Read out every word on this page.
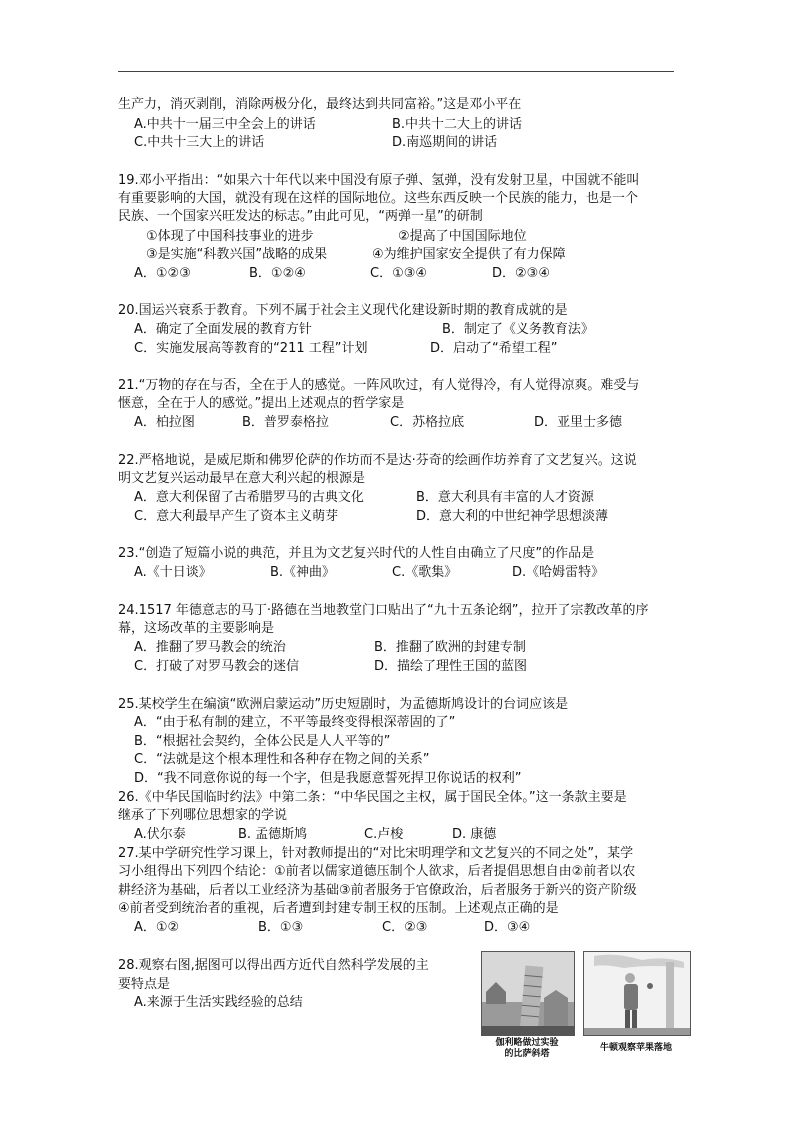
生产力，消灭剥削，消除两极分化，最终达到共同富裕。”这是邓小平在
A.中共十一届三中全会上的讲话	B.中共十二大上的讲话
C.中共十三大上的讲话	D.南巡期间的讲话
19.邓小平指出：“如果六十年代以来中国没有原子弹、氢弹，没有发射卫星，中国就不能叫
有重要影响的大国，就没有现在这样的国际地位。这些东西反映一个民族的能力，也是一个
民族、一个国家兴旺发达的标志。”由此可见，“两弹一星”的研制
①体现了中国科技事业的进步	②提高了中国国际地位
③是实施“科教兴国”战略的成果	④为维护国家安全提供了有力保障
A．①②③	B．①②④	C．①③④	D．②③④
20.国运兴衰系于教育。下列不属于社会主义现代化建设新时期的教育成就的是
A．确定了全面发展的教育方针	B．制定了《义务教育法》
C．实施发展高等教育的“211 工程”计划	D．启动了“希望工程”
21.“万物的存在与否，全在于人的感觉。一阵风吹过，有人觉得冷，有人觉得凉爽。难受与
惬意，全在于人的感觉。”提出上述观点的哲学家是
A．柏拉图	B．普罗泰格拉	C．苏格拉底	D．亚里士多德
22.严格地说，是威尼斯和佛罗伦萨的作坊而不是达·芬奇的绘画作坊养育了文艺复兴。这说
明文艺复兴运动最早在意大利兴起的根源是
A．意大利保留了古希腊罗马的古典文化	B．意大利具有丰富的人才资源
C．意大利最早产生了资本主义萌芽	D．意大利的中世纪神学思想淡薄
23.“创造了短篇小说的典范，并且为文艺复兴时代的人性自由确立了尺度”的作品是
A.《十日谈》	B.《神曲》	C.《歌集》	D.《哈姆雷特》
24.1517 年德意志的马丁·路德在当地教堂门口贴出了“九十五条论纲”，拉开了宗教改革的序
幕，这场改革的主要影响是
A．推翻了罗马教会的统治	B．推翻了欧洲的封建专制
C．打破了对罗马教会的迷信	D．描绘了理性王国的蓝图
25.某校学生在编演“欧洲启蒙运动”历史短剧时，为孟德斯鸠设计的台词应该是
A．“由于私有制的建立，不平等最终变得根深蒂固的了”
B．“根据社会契约，全体公民是人人平等的”
C．“法就是这个根本理性和各种存在物之间的关系”
D．“我不同意你说的每一个字，但是我愿意誓死捍卫你说话的权利”
26.《中华民国临时约法》中第二条：“中华民国之主权，属于国民全体。”这一条款主要是
继承了下列哪位思想家的学说
A.伏尔泰	B. 孟德斯鸠	C.卢梭	D. 康德
27.某中学研究性学习课上，针对教师提出的“对比宋明理学和文艺复兴的不同之处”，某学
习小组得出下列四个结论：①前者以儒家道德压制个人欲求，后者提倡思想自由②前者以农
耕经济为基础，后者以工业经济为基础③前者服务于官僚政治，后者服务于新兴的资产阶级
④前者受到统治者的重视，后者遭到封建专制王权的压制。上述观点正确的是
A．①②	B．①③	C．②③	D．③④
28.观察右图,据图可以得出西方近代自然科学发展的主
要特点是
A.来源于生活实践经验的总结
伽利略做过实验
的比萨斜塔
牛顿观察苹果落地
